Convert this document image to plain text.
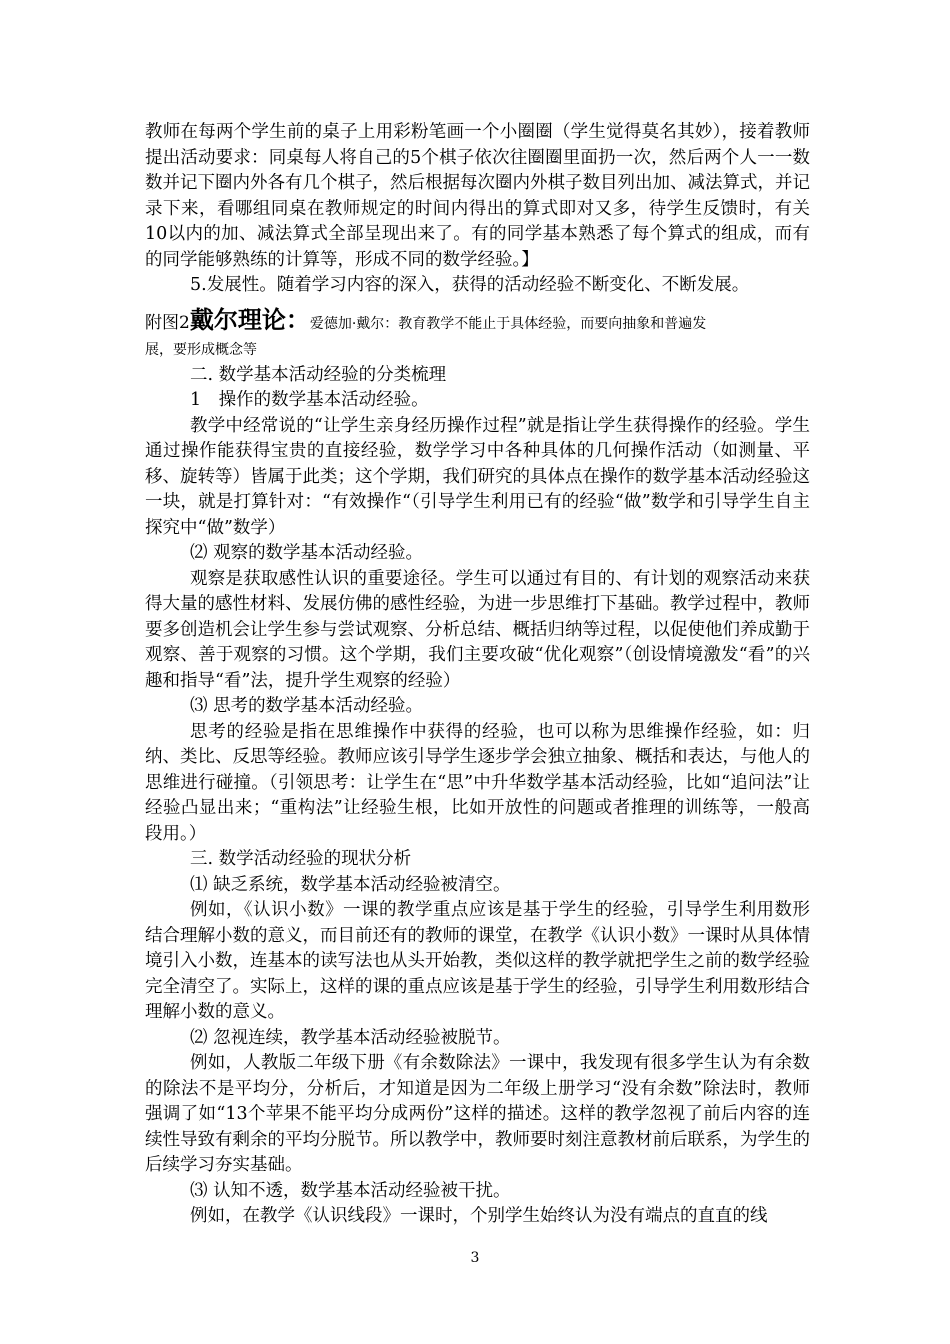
教师在每两个学生前的桌子上用彩粉笔画一个小圈圈（学生觉得莫名其妙），接着教师提出活动要求：同桌每人将自己的5个棋子依次往圈圈里面扔一次，然后两个人一一数数并记下圈内外各有几个棋子，然后根据每次圈内外棋子数目列出加、减法算式，并记录下来，看哪组同桌在教师规定的时间内得出的算式即对又多，待学生反馈时，有关10以内的加、减法算式全部呈现出来了。有的同学基本熟悉了每个算式的组成，而有的同学能够熟练的计算等，形成不同的数学经验。】

5.发展性。随着学习内容的深入，获得的活动经验不断变化、不断发展。

附图2戴尔理论：爱德加·戴尔：教育教学不能止于具体经验，而要向抽象和普遍发

展，要形成概念等

二. 数学基本活动经验的分类梳理

1　操作的数学基本活动经验。

教学中经常说的“让学生亲身经历操作过程”就是指让学生获得操作的经验。学生通过操作能获得宝贵的直接经验，数学学习中各种具体的几何操作活动（如测量、平移、旋转等）皆属于此类；这个学期，我们研究的具体点在操作的数学基本活动经验这一块，就是打算针对：“有效操作“（引导学生利用已有的经验“做”数学和引导学生自主探究中“做”数学）

⑵ 观察的数学基本活动经验。

观察是获取感性认识的重要途径。学生可以通过有目的、有计划的观察活动来获得大量的感性材料、发展仿佛的感性经验，为进一步思维打下基础。教学过程中，教师要多创造机会让学生参与尝试观察、分析总结、概括归纳等过程，以促使他们养成勤于观察、善于观察的习惯。这个学期，我们主要攻破“优化观察”（创设情境激发“看”的兴趣和指导“看”法，提升学生观察的经验）

⑶ 思考的数学基本活动经验。

思考的经验是指在思维操作中获得的经验，也可以称为思维操作经验，如：归纳、类比、反思等经验。教师应该引导学生逐步学会独立抽象、概括和表达，与他人的思维进行碰撞。（引领思考：让学生在“思”中升华数学基本活动经验，比如“追问法”让经验凸显出来；“重构法”让经验生根，比如开放性的问题或者推理的训练等，一般高段用。）

三. 数学活动经验的现状分析

⑴ 缺乏系统，数学基本活动经验被清空。

例如，《认识小数》一课的教学重点应该是基于学生的经验，引导学生利用数形结合理解小数的意义，而目前还有的教师的课堂，在教学《认识小数》一课时从具体情境引入小数，连基本的读写法也从头开始教，类似这样的教学就把学生之前的数学经验完全清空了。实际上，这样的课的重点应该是基于学生的经验，引导学生利用数形结合理解小数的意义。

⑵ 忽视连续，教学基本活动经验被脱节。

例如，人教版二年级下册《有余数除法》一课中，我发现有很多学生认为有余数的除法不是平均分，分析后，才知道是因为二年级上册学习“没有余数”除法时，教师强调了如“13个苹果不能平均分成两份”这样的描述。这样的教学忽视了前后内容的连续性导致有剩余的平均分脱节。所以教学中，教师要时刻注意教材前后联系，为学生的后续学习夯实基础。

⑶ 认知不透，数学基本活动经验被干扰。

例如，在教学《认识线段》一课时，个别学生始终认为没有端点的直直的线

3
